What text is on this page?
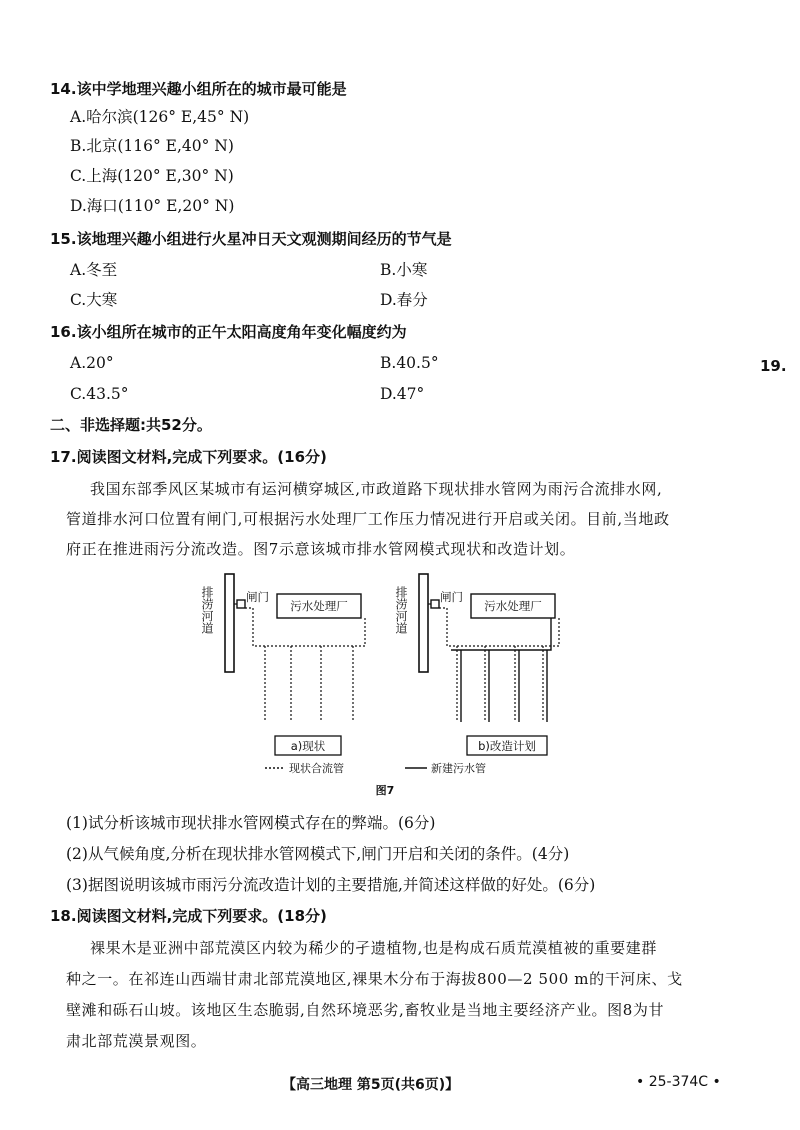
14.该中学地理兴趣小组所在的城市最可能是
A.哈尔滨(126° E,45° N)
B.北京(116° E,40° N)
C.上海(120° E,30° N)
D.海口(110° E,20° N)
15.该地理兴趣小组进行火星冲日天文观测期间经历的节气是
A.冬至	B.小寒
C.大寒	D.春分
16.该小组所在城市的正午太阳高度角年变化幅度约为
A.20°	B.40.5°
C.43.5°	D.47°
19.
二、非选择题:共52分。
17.阅读图文材料,完成下列要求。(16分)
我国东部季风区某城市有运河横穿城区,市政道路下现状排水管网为雨污合流排水网,
管道排水河口位置有闸门,可根据污水处理厂工作压力情况进行开启或关闭。目前,当地政
府正在推进雨污分流改造。图7示意该城市排水管网模式现状和改造计划。
排涝河道	闸门
污水处理厂
a)现状
排涝河道	闸门
污水处理厂
b)改造计划
现状合流管	新建污水管
图7
(1)试分析该城市现状排水管网模式存在的弊端。(6分)
(2)从气候角度,分析在现状排水管网模式下,闸门开启和关闭的条件。(4分)
(3)据图说明该城市雨污分流改造计划的主要措施,并简述这样做的好处。(6分)
18.阅读图文材料,完成下列要求。(18分)
裸果木是亚洲中部荒漠区内较为稀少的孑遗植物,也是构成石质荒漠植被的重要建群
种之一。在祁连山西端甘肃北部荒漠地区,裸果木分布于海拔800—2 500 m的干河床、戈
壁滩和砾石山坡。该地区生态脆弱,自然环境恶劣,畜牧业是当地主要经济产业。图8为甘
肃北部荒漠景观图。
【高三地理 第5页(共6页)】	• 25-374C •
